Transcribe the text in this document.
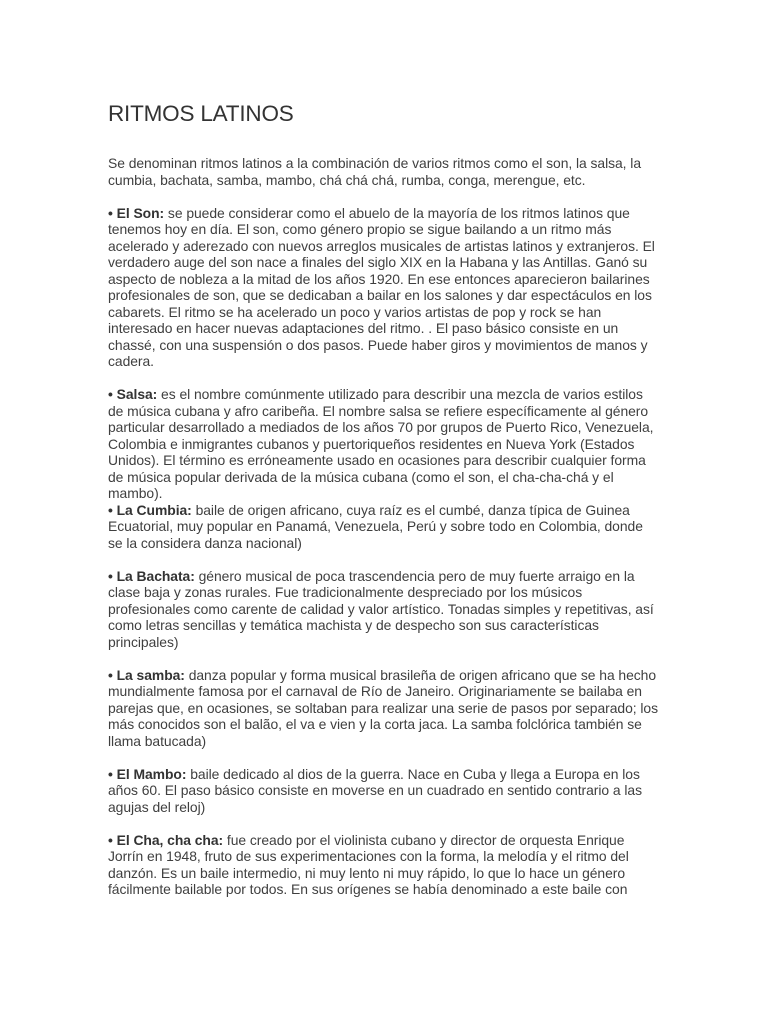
RITMOS LATINOS

Se denominan ritmos latinos a la combinación de varios ritmos como el son, la salsa, la cumbia, bachata, samba, mambo, chá chá chá, rumba, conga, merengue, etc.

• El Son: se puede considerar como el abuelo de la mayoría de los ritmos latinos que tenemos hoy en día. El son, como género propio se sigue bailando a un ritmo más acelerado y aderezado con nuevos arreglos musicales de artistas latinos y extranjeros. El verdadero auge del son nace a finales del siglo XIX en la Habana y las Antillas. Ganó su aspecto de nobleza a la mitad de los años 1920. En ese entonces aparecieron bailarines profesionales de son, que se dedicaban a bailar en los salones y dar espectáculos en los cabarets. El ritmo se ha acelerado un poco y varios artistas de pop y rock se han interesado en hacer nuevas adaptaciones del ritmo. . El paso básico consiste en un chassé, con una suspensión o dos pasos. Puede haber giros y movimientos de manos y cadera.

• Salsa: es el nombre comúnmente utilizado para describir una mezcla de varios estilos de música cubana y afro caribeña. El nombre salsa se refiere específicamente al género particular desarrollado a mediados de los años 70 por grupos de Puerto Rico, Venezuela, Colombia e inmigrantes cubanos y puertoriqueños residentes en Nueva York (Estados Unidos). El término es erróneamente usado en ocasiones para describir cualquier forma de música popular derivada de la música cubana (como el son, el cha-cha-chá y el mambo).

• La Cumbia: baile de origen africano, cuya raíz es el cumbé, danza típica de Guinea Ecuatorial, muy popular en Panamá, Venezuela, Perú y sobre todo en Colombia, donde se la considera danza nacional)

• La Bachata: género musical de poca trascendencia pero de muy fuerte arraigo en la clase baja y zonas rurales. Fue tradicionalmente despreciado por los músicos profesionales como carente de calidad y valor artístico. Tonadas simples y repetitivas, así como letras sencillas y temática machista y de despecho son sus características principales)

• La samba: danza popular y forma musical brasileña de origen africano que se ha hecho mundialmente famosa por el carnaval de Río de Janeiro. Originariamente se bailaba en parejas que, en ocasiones, se soltaban para realizar una serie de pasos por separado; los más conocidos son el balão, el va e vien y la corta jaca. La samba folclórica también se llama batucada)

• El Mambo: baile dedicado al dios de la guerra. Nace en Cuba y llega a Europa en los años 60. El paso básico consiste en moverse en un cuadrado en sentido contrario a las agujas del reloj)

• El Cha, cha cha: fue creado por el violinista cubano y director de orquesta Enrique Jorrín en 1948, fruto de sus experimentaciones con la forma, la melodía y el ritmo del danzón. Es un baile intermedio, ni muy lento ni muy rápido, lo que lo hace un género fácilmente bailable por todos. En sus orígenes se había denominado a este baile con
